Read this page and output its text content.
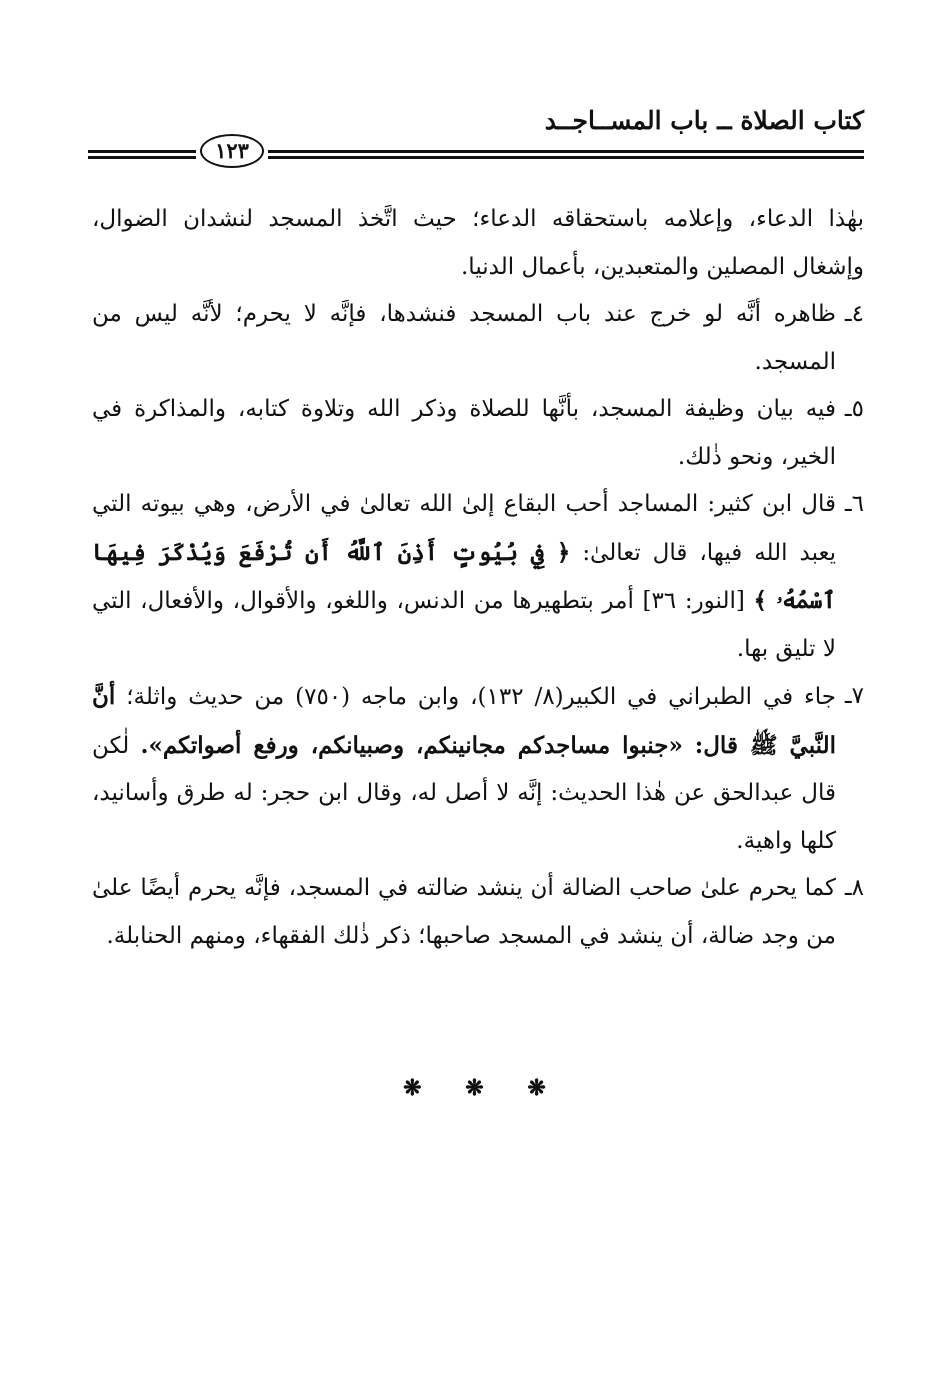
كتاب الصلاة ــ باب المســاجــد
١٢٣

بهٰذا الدعاء، وإعلامه باستحقاقه الدعاء؛ حيث اتَّخذ المسجد لنشدان الضوال، وإشغال المصلين والمتعبدين، بأعمال الدنيا.

٤ـ
ظاهره أنَّه لو خرج عند باب المسجد فنشدها، فإنَّه لا يحرم؛ لأنَّه ليس من المسجد.

٥ـ
فيه بيان وظيفة المسجد، بأنَّها للصلاة وذكر الله وتلاوة كتابه، والمذاكرة في الخير، ونحو ذٰلك.

٦ـ
قال ابن كثير: المساجد أحب البقاع إلىٰ الله تعالىٰ في الأرض، وهي بيوته التي يعبد الله فيها، قال تعالىٰ: ﴿ فِي بُيُوتٍ أَذِنَ ٱللَّهُ أَن تُرْفَعَ وَيُذْكَرَ فِيهَا ٱسْمُهُۥ ﴾ [النور: ٣٦] أمر بتطهيرها من الدنس، واللغو، والأقوال، والأفعال، التي لا تليق بها.

٧ـ
جاء في الطبراني في الكبير(٨/ ١٣٢)، وابن ماجه (٧٥٠) من حديث واثلة؛ أنَّ النَّبيَّ ﷺ قال: «جنبوا مساجدكم مجانينكم، وصبيانكم، ورفع أصواتكم». لٰكن قال عبدالحق عن هٰذا الحديث: إنَّه لا أصل له، وقال ابن حجر: له طرق وأسانيد، كلها واهية.

٨ـ
كما يحرم علىٰ صاحب الضالة أن ينشد ضالته في المسجد، فإنَّه يحرم أيضًا علىٰ من وجد ضالة، أن ينشد في المسجد صاحبها؛ ذكر ذٰلك الفقهاء، ومنهم الحنابلة.

❋ ❋ ❋
